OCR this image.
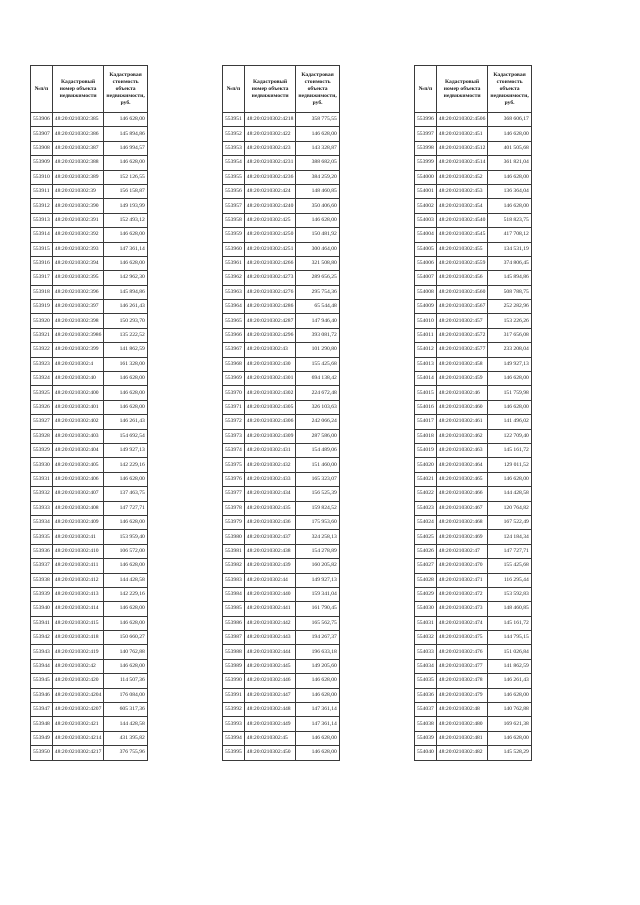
№п/п	Кадастровый номер объекта недвижимости	Кадастровая стоимость объекта недвижимости, руб.
553906	48:20:0210302:385	146 628,00
553907	48:20:0210302:386	145 894,86
553908	48:20:0210302:387	146 994,57
553909	48:20:0210302:388	146 628,00
553910	48:20:0210302:389	152 126,55
553911	48:20:0210302:39	156 158,87
553912	48:20:0210302:390	149 193,99
553913	48:20:0210302:391	152 493,12
553914	48:20:0210302:392	146 628,00
553915	48:20:0210302:393	147 361,14
553916	48:20:0210302:394	146 628,00
553917	48:20:0210302:395	142 962,30
553918	48:20:0210302:396	145 894,86
553919	48:20:0210302:397	146 261,43
553920	48:20:0210302:398	150 293,70
553921	48:20:0210302:3986	135 222,52
553922	48:20:0210302:399	141 862,59
553923	48:20:0210302:4	161 328,00
553924	48:20:0210302:40	146 628,00
553925	48:20:0210302:400	146 628,00
553926	48:20:0210302:401	146 628,00
553927	48:20:0210302:402	146 261,43
553928	48:20:0210302:403	154 692,54
553929	48:20:0210302:404	149 927,13
553930	48:20:0210302:405	142 229,16
553931	48:20:0210302:406	146 628,00
553932	48:20:0210302:407	137 463,75
553933	48:20:0210302:408	147 727,71
553934	48:20:0210302:409	146 628,00
553935	48:20:0210302:41	153 959,40
553936	48:20:0210302:410	106 572,00
553937	48:20:0210302:411	146 628,00
553938	48:20:0210302:412	144 428,58
553939	48:20:0210302:413	142 229,16
553940	48:20:0210302:414	146 628,00
553941	48:20:0210302:415	146 628,00
553942	48:20:0210302:418	150 660,27
553943	48:20:0210302:419	140 762,88
553944	48:20:0210302:42	146 628,00
553945	48:20:0210302:420	114 507,36
553946	48:20:0210302:4204	176 084,00
553947	48:20:0210302:4207	605 317,36
553948	48:20:0210302:421	144 428,58
553949	48:20:0210302:4214	431 395,82
553950	48:20:0210302:4217	376 755,96
№п/п	Кадастровый номер объекта недвижимости	Кадастровая стоимость объекта недвижимости, руб.
553951	48:20:0210302:4218	358 775,55
553952	48:20:0210302:422	146 628,00
553953	48:20:0210302:423	143 328,87
553954	48:20:0210302:4231	388 682,05
553955	48:20:0210302:4236	384 259,20
553956	48:20:0210302:424	148 460,85
553957	48:20:0210302:4240	350 406,60
553958	48:20:0210302:425	146 628,00
553959	48:20:0210302:4250	150 481,92
553960	48:20:0210302:4251	300 464,00
553961	48:20:0210302:4266	321 508,80
553962	48:20:0210302:4273	289 656,25
553963	48:20:0210302:4276	295 754,36
553964	48:20:0210302:4286	65 544,48
553965	48:20:0210302:4287	147 946,40
553966	48:20:0210302:4296	393 081,72
553967	48:20:0210302:43	101 290,80
553968	48:20:0210302:430	155 425,68
553969	48:20:0210302:4301	694 138,42
553970	48:20:0210302:4302	224 672,48
553971	48:20:0210302:4305	326 103,63
553972	48:20:0210302:4306	242 066,24
553973	48:20:0210302:4309	287 586,00
553974	48:20:0210302:431	154 489,06
553975	48:20:0210302:432	151 460,00
553976	48:20:0210302:433	165 323,07
553977	48:20:0210302:434	156 525,39
553978	48:20:0210302:435	159 824,52
553979	48:20:0210302:436	175 953,60
553980	48:20:0210302:437	324 258,13
553981	48:20:0210302:438	154 278,89
553982	48:20:0210302:439	160 205,82
553983	48:20:0210302:44	149 927,13
553984	48:20:0210302:440	159 341,04
553985	48:20:0210302:441	161 790,45
553986	48:20:0210302:442	165 562,75
553987	48:20:0210302:443	194 267,37
553988	48:20:0210302:444	196 633,18
553989	48:20:0210302:445	149 205,60
553990	48:20:0210302:446	146 628,00
553991	48:20:0210302:447	146 628,00
553992	48:20:0210302:448	147 361,14
553993	48:20:0210302:449	147 361,14
553994	48:20:0210302:45	146 628,00
553995	48:20:0210302:450	146 628,00
№п/п	Кадастровый номер объекта недвижимости	Кадастровая стоимость объекта недвижимости, руб.
553996	48:20:0210302:4506	368 606,17
553997	48:20:0210302:451	146 628,00
553998	48:20:0210302:4512	401 505,68
553999	48:20:0210302:4514	361 821,04
554000	48:20:0210302:452	146 628,00
554001	48:20:0210302:453	136 364,04
554002	48:20:0210302:454	146 628,00
554003	48:20:0210302:4540	518 823,75
554004	48:20:0210302:4545	417 708,12
554005	48:20:0210302:455	134 531,19
554006	48:20:0210302:4559	374 806,45
554007	48:20:0210302:456	145 894,86
554008	48:20:0210302:4560	508 788,75
554009	48:20:0210302:4567	252 282,96
554010	48:20:0210302:457	153 226,26
554011	48:20:0210302:4572	317 656,08
554012	48:20:0210302:4577	233 208,04
554013	48:20:0210302:458	149 927,13
554014	48:20:0210302:459	146 628,00
554015	48:20:0210302:46	151 759,98
554016	48:20:0210302:460	146 628,00
554017	48:20:0210302:461	141 496,02
554018	48:20:0210302:462	122 709,40
554019	48:20:0210302:463	145 161,72
554020	48:20:0210302:464	129 011,52
554021	48:20:0210302:465	146 628,00
554022	48:20:0210302:466	144 428,58
554023	48:20:0210302:467	120 764,82
554024	48:20:0210302:468	167 522,49
554025	48:20:0210302:469	124 184,34
554026	48:20:0210302:47	147 727,71
554027	48:20:0210302:470	155 425,68
554028	48:20:0210302:471	116 295,44
554029	48:20:0210302:472	153 592,83
554030	48:20:0210302:473	148 460,85
554031	48:20:0210302:474	145 161,72
554032	48:20:0210302:475	144 795,15
554033	48:20:0210302:476	151 026,84
554034	48:20:0210302:477	141 862,59
554035	48:20:0210302:478	146 261,43
554036	48:20:0210302:479	146 628,00
554037	48:20:0210302:48	140 762,88
554038	48:20:0210302:480	169 621,38
554039	48:20:0210302:481	146 628,00
554040	48:20:0210302:482	145 528,29
